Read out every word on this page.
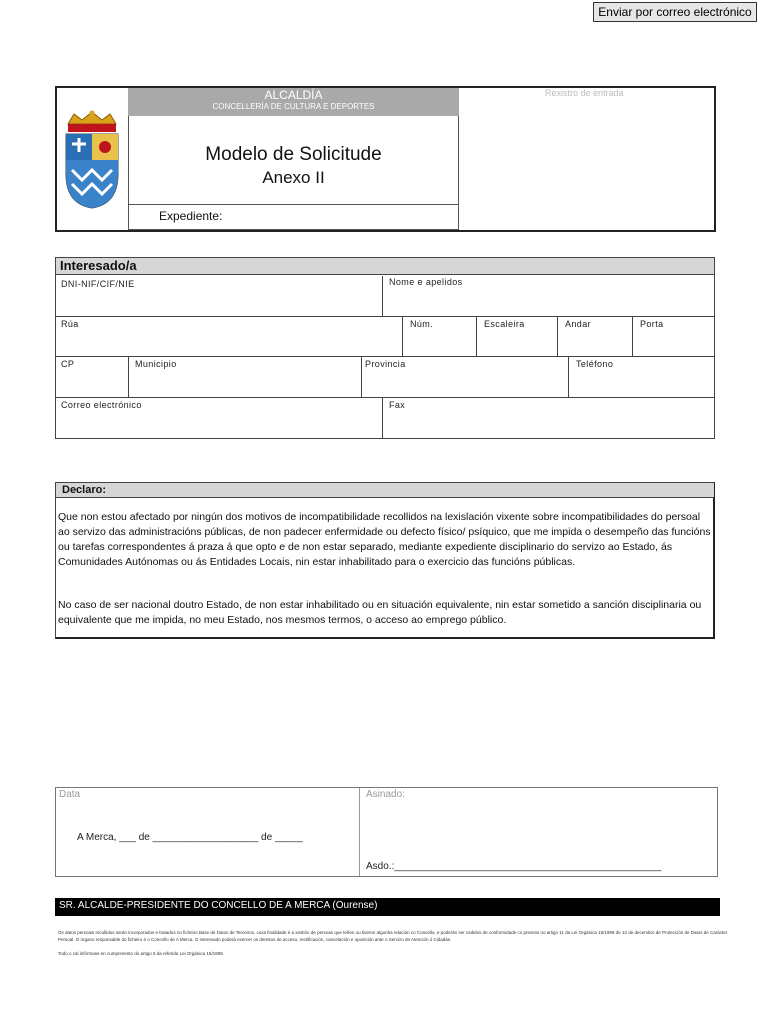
Enviar por correo electrónico
ALCALDÍA
CONCELLERÍA DE CULTURA E DEPORTES
Modelo de Solicitude
Anexo II
Expediente:
Rexistro de entrada
Interesado/a
DNI-NIF/CIF/NIE	Nome e apelidos
Rúa	Núm.	Escaleira	Andar	Porta
CP	Municipio	Provincia	Teléfono
Correo electrónico	Fax
Declaro:
Que non estou afectado por ningún dos motivos de incompatibilidade recollidos na lexislación vixente sobre incompatibilidades do persoal ao servizo das administracións públicas, de non padecer enfermidade ou defecto físico/ psíquico, que me impida o desempeño das funcións ou tarefas correspondentes á praza á que opto e de non estar separado, mediante expediente disciplinario do servizo ao Estado, ás Comunidades Autónomas ou ás Entidades Locais, nin estar inhabilitado para o exercicio das funcións públicas.
No caso de ser nacional doutro Estado, de non estar inhabilitado ou en situación equivalente, nin estar sometido a sanción disciplinaria ou equivalente que me impida, no meu Estado, nos mesmos termos, o acceso ao emprego público.
Data	Asinado:
A Merca, ___ de ___________________ de _____
Asdo.:________________________________________________
SR. ALCALDE-PRESIDENTE DO CONCELLO DE A MERCA (Ourense)
Os datos persoais recollidos serán incorporados e tratados no ficheiro Base de Datos de Terceiros, cuxa finalidade é a xestión de persoas que teñen ou tiveron algunha relación co Concello, e poderán ser cedidos de conformidade co previsto no artigo 11 da Lei Orgánica 15/1999 de 13 de decembro de Protección de Datos de Carácter Persoal. O órgano responsable do ficheiro é o Concello de A Merca. O interesado poderá exercer os dereitos de acceso, rectificación, cancelación e oposición ante o Servizo de Atención ó Cidadán.
Todo o cal infórmase en cumprimento do artigo 5 da referida Lei Orgánica 15/1999.
